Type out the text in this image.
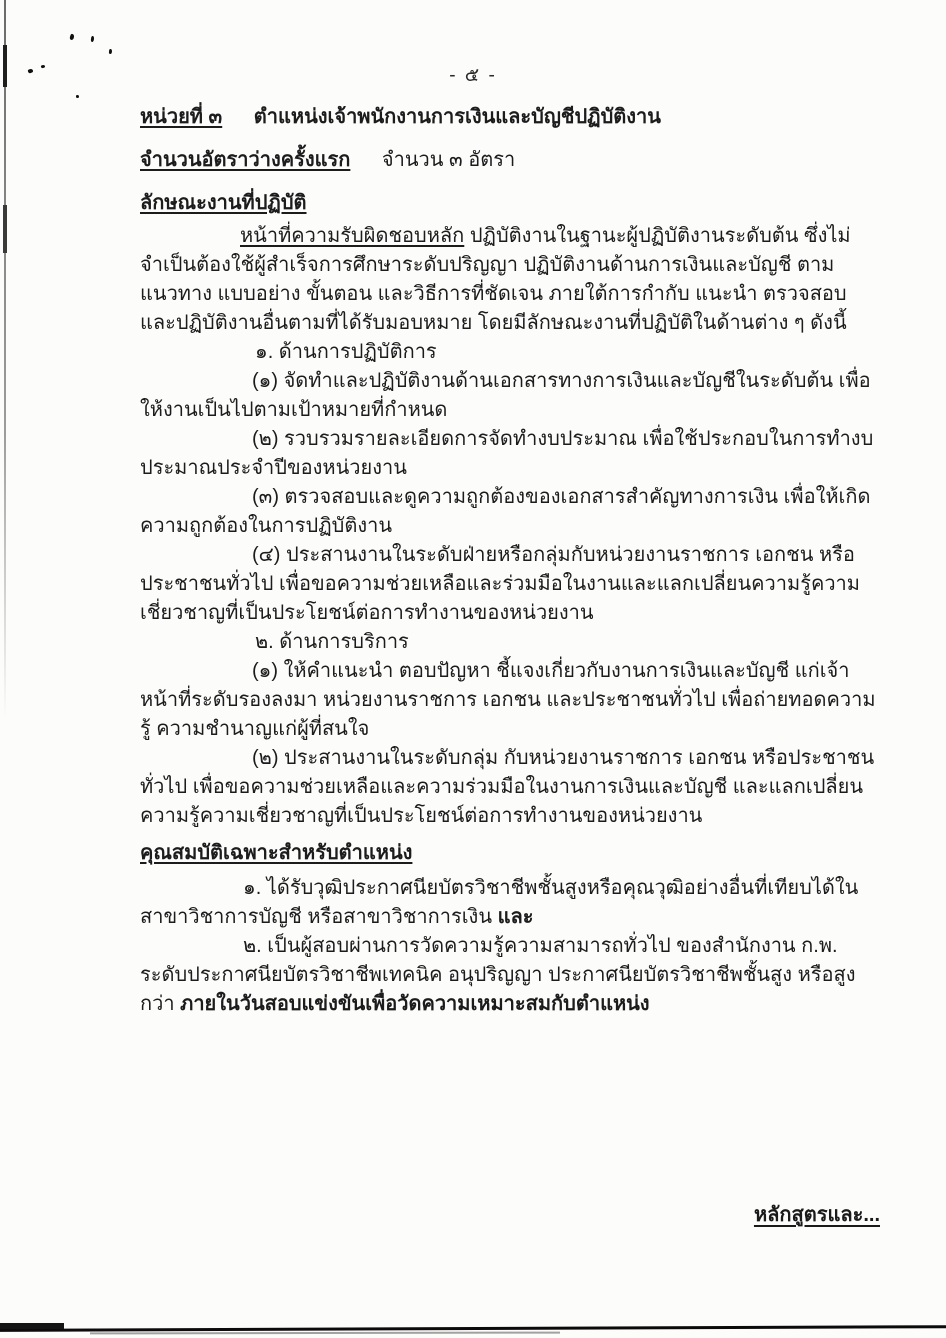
- ๕ -

หน่วยที่ ๓ ตำแหน่งเจ้าพนักงานการเงินและบัญชีปฏิบัติงาน

จำนวนอัตราว่างครั้งแรก จำนวน ๓ อัตรา

ลักษณะงานที่ปฏิบัติ

หน้าที่ความรับผิดชอบหลัก ปฏิบัติงานในฐานะผู้ปฏิบัติงานระดับต้น ซึ่งไม่จำเป็นต้องใช้ผู้สำเร็จการศึกษาระดับปริญญา ปฏิบัติงานด้านการเงินและบัญชี ตามแนวทาง แบบอย่าง ขั้นตอน และวิธีการที่ชัดเจน ภายใต้การกำกับ แนะนำ ตรวจสอบ และปฏิบัติงานอื่นตามที่ได้รับมอบหมาย โดยมีลักษณะงานที่ปฏิบัติในด้านต่าง ๆ ดังนี้

๑. ด้านการปฏิบัติการ

(๑) จัดทำและปฏิบัติงานด้านเอกสารทางการเงินและบัญชีในระดับต้น เพื่อให้งานเป็นไปตามเป้าหมายที่กำหนด

(๒) รวบรวมรายละเอียดการจัดทำงบประมาณ เพื่อใช้ประกอบในการทำงบประมาณประจำปีของหน่วยงาน

(๓) ตรวจสอบและดูความถูกต้องของเอกสารสำคัญทางการเงิน เพื่อให้เกิดความถูกต้องในการปฏิบัติงาน

(๔) ประสานงานในระดับฝ่ายหรือกลุ่มกับหน่วยงานราชการ เอกชน หรือประชาชนทั่วไป เพื่อขอความช่วยเหลือและร่วมมือในงานและแลกเปลี่ยนความรู้ความเชี่ยวชาญที่เป็นประโยชน์ต่อการทำงานของหน่วยงาน

๒. ด้านการบริการ

(๑) ให้คำแนะนำ ตอบปัญหา ชี้แจงเกี่ยวกับงานการเงินและบัญชี แก่เจ้าหน้าที่ระดับรองลงมา หน่วยงานราชการ เอกชน และประชาชนทั่วไป เพื่อถ่ายทอดความรู้ ความชำนาญแก่ผู้ที่สนใจ

(๒) ประสานงานในระดับกลุ่ม กับหน่วยงานราชการ เอกชน หรือประชาชนทั่วไป เพื่อขอความช่วยเหลือและความร่วมมือในงานการเงินและบัญชี และแลกเปลี่ยนความรู้ความเชี่ยวชาญที่เป็นประโยชน์ต่อการทำงานของหน่วยงาน

คุณสมบัติเฉพาะสำหรับตำแหน่ง

๑. ได้รับวุฒิประกาศนียบัตรวิชาชีพชั้นสูงหรือคุณวุฒิอย่างอื่นที่เทียบได้ในสาขาวิชาการบัญชี หรือสาขาวิชาการเงิน และ

๒. เป็นผู้สอบผ่านการวัดความรู้ความสามารถทั่วไป ของสำนักงาน ก.พ. ระดับประกาศนียบัตรวิชาชีพเทคนิค อนุปริญญา ประกาศนียบัตรวิชาชีพชั้นสูง หรือสูงกว่า ภายในวันสอบแข่งขันเพื่อวัดความเหมาะสมกับตำแหน่ง

หลักสูตรและ...
